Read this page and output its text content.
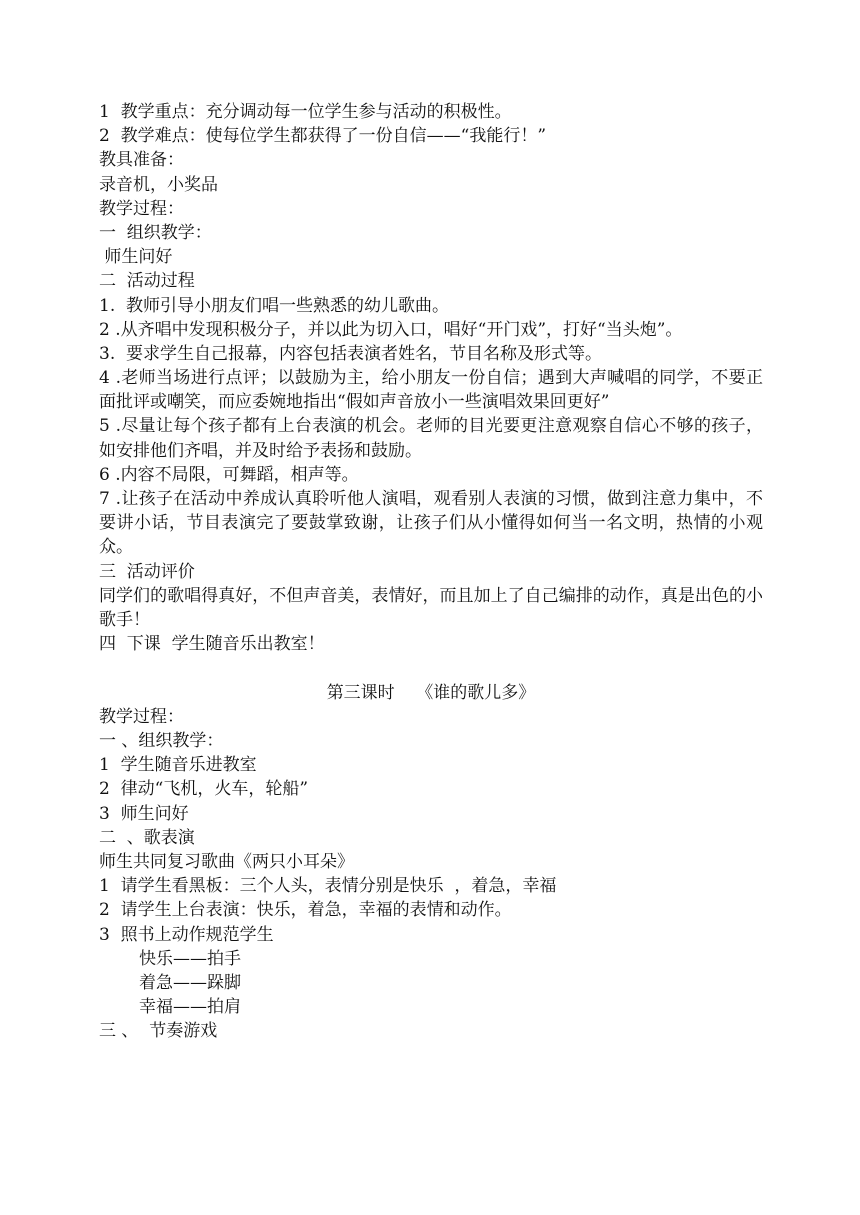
1  教学重点：充分调动每一位学生参与活动的积极性。
2  教学难点：使每位学生都获得了一份自信——“我能行！”
教具准备：
录音机，小奖品
教学过程：
一  组织教学：
师生问好
二  活动过程
1.  教师引导小朋友们唱一些熟悉的幼儿歌曲。
2 .从齐唱中发现积极分子，并以此为切入口，唱好“开门戏”，打好“当头炮”。
3.  要求学生自己报幕，内容包括表演者姓名，节目名称及形式等。
4 .老师当场进行点评；以鼓励为主，给小朋友一份自信；遇到大声喊唱的同学，不要正面批评或嘲笑，而应委婉地指出“假如声音放小一些演唱效果回更好”
5 .尽量让每个孩子都有上台表演的机会。老师的目光要更注意观察自信心不够的孩子，如安排他们齐唱，并及时给予表扬和鼓励。
6 .内容不局限，可舞蹈，相声等。
7 .让孩子在活动中养成认真聆听他人演唱，观看别人表演的习惯，做到注意力集中，不要讲小话，节目表演完了要鼓掌致谢，让孩子们从小懂得如何当一名文明，热情的小观众。
三  活动评价
同学们的歌唱得真好，不但声音美，表情好，而且加上了自己编排的动作，真是出色的小歌手！
四  下课  学生随音乐出教室！
第三课时    《谁的歌儿多》
教学过程：
一 、组织教学：
1  学生随音乐进教室
2  律动“飞机，火车，轮船”
3  师生问好
二  、歌表演
师生共同复习歌曲《两只小耳朵》
1  请学生看黑板：三个人头，表情分别是快乐  ，着急，幸福
2  请学生上台表演：快乐，着急，幸福的表情和动作。
3  照书上动作规范学生
快乐——拍手
着急——跺脚
幸福——拍肩
三 、  节奏游戏
